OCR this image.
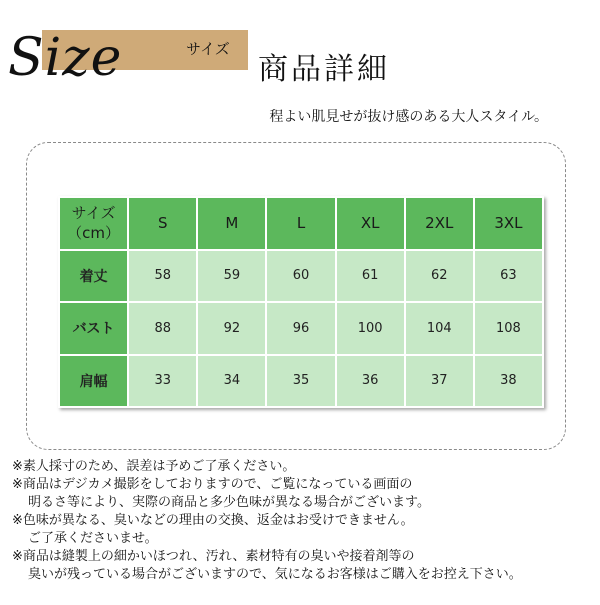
Size	サイズ
商品詳細
程よい肌見せが抜け感のある大人スタイル。
サイズ
（cm）	S	M	L	XL	2XL	3XL
着丈	58	59	60	61	62	63
バスト	88	92	96	100	104	108
肩幅	33	34	35	36	37	38
※素人採寸のため、誤差は予めご了承ください。
※商品はデジカメ撮影をしておりますので、ご覧になっている画面の
明るさ等により、実際の商品と多少色味が異なる場合がございます。
※色味が異なる、臭いなどの理由の交換、返金はお受けできません。
ご了承くださいませ。
※商品は縫製上の細かいほつれ、汚れ、素材特有の臭いや接着剤等の
臭いが残っている場合がございますので、気になるお客様はご購入をお控え下さい。
